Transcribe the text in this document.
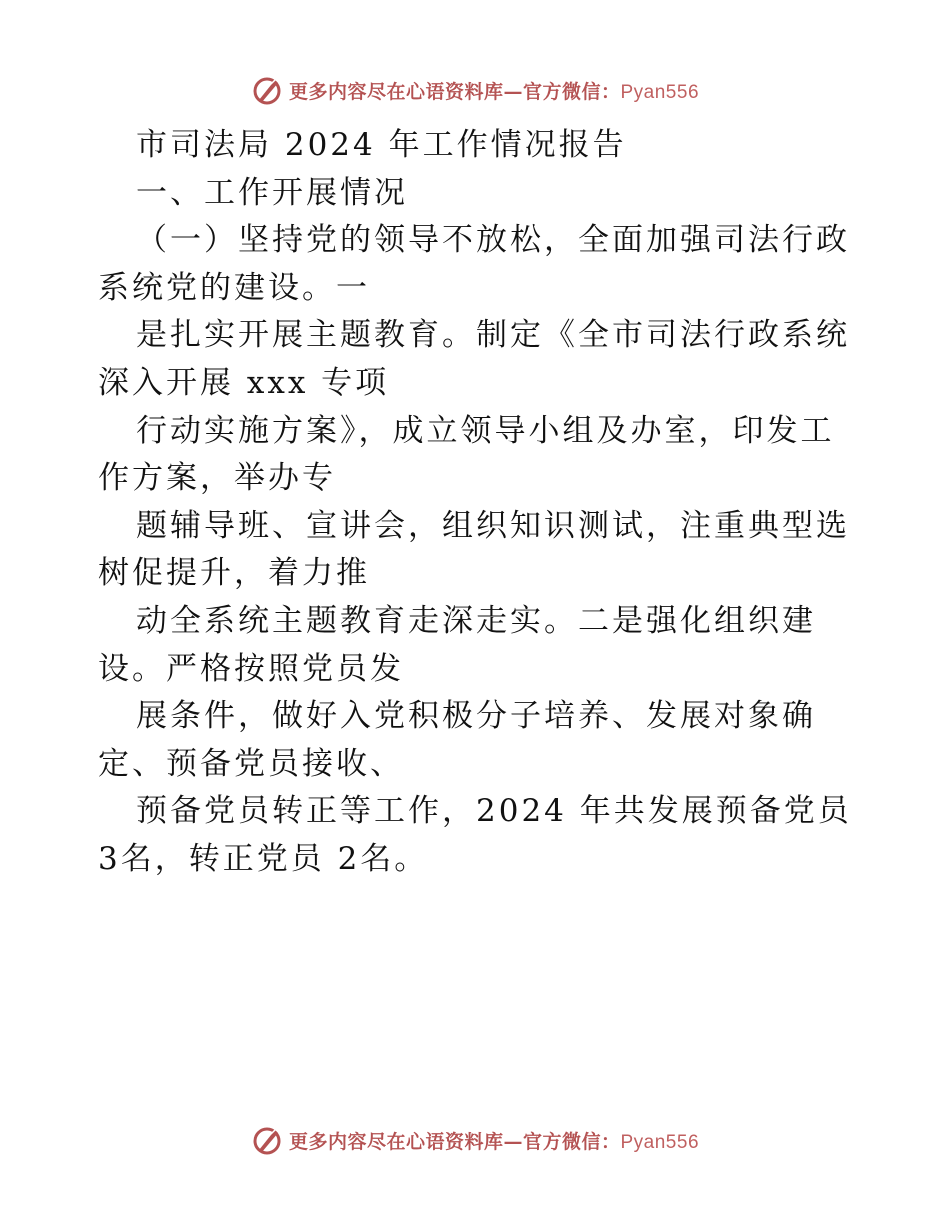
更多内容尽在心语资料库—官方微信：Pyan556
市司法局 2024 年工作情况报告
一、工作开展情况
（一）坚持党的领导不放松，全面加强司法行政
系统党的建设。一
是扎实开展主题教育。制定《全市司法行政系统
深入开展 xxx 专项
行动实施方案》，成立领导小组及办室，印发工
作方案，举办专
题辅导班、宣讲会，组织知识测试，注重典型选
树促提升，着力推
动全系统主题教育走深走实。二是强化组织建
设。严格按照党员发
展条件，做好入党积极分子培养、发展对象确
定、预备党员接收、
预备党员转正等工作，2024 年共发展预备党员
3名，转正党员 2名。
更多内容尽在心语资料库—官方微信：Pyan556
